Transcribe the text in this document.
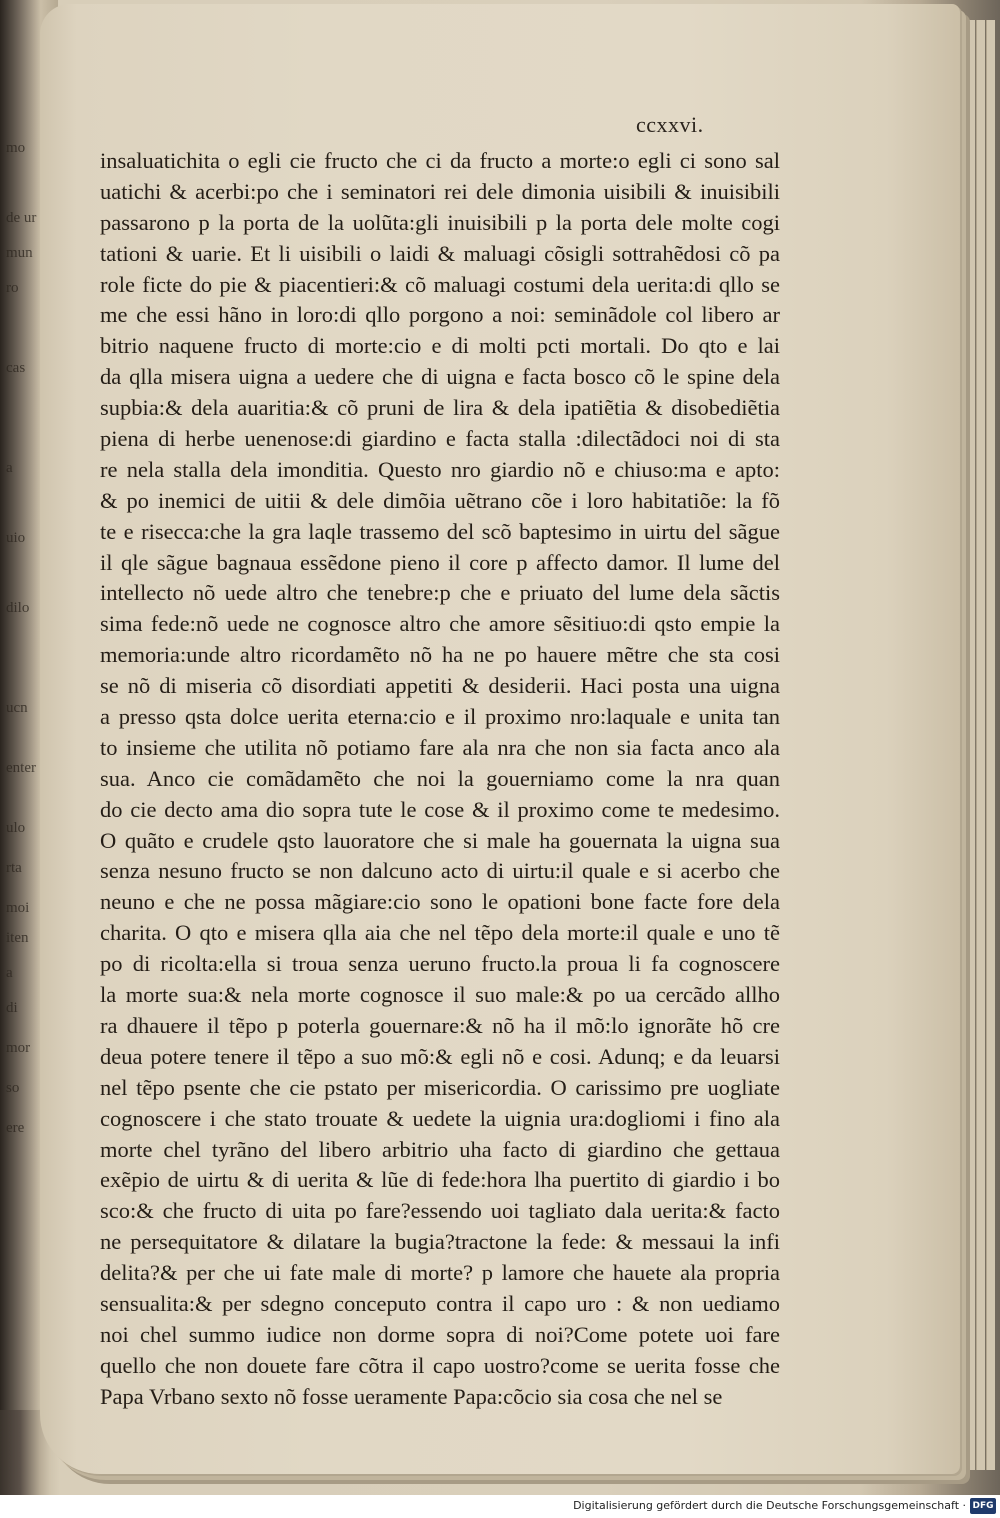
mo
de ur
mun
ro
cas
a
uio
dilo
ucn
enter
ulo
rta
moi
iten
a
di
mor
so
ere
ccxxvi.
insaluatichita o egli cie fructo che ci da fructo a morte:o egli ci sono sal
uatichi & acerbi:po che i seminatori rei dele dimonia uisibili & inuisibili
passarono p la porta de la uolũta:gli inuisibili p la porta dele molte cogi
tationi & uarie. Et li uisibili o laidi & maluagi cõsigli sottrahẽdosi cõ pa
role ficte do pie & piacentieri:& cõ maluagi costumi dela uerita:di qllo se
me che essi hãno in loro:di qllo porgono a noi: seminãdole col libero ar
bitrio naquene fructo di morte:cio e di molti pcti mortali. Do qto e lai
da qlla misera uigna a uedere che di uigna e facta bosco cõ le spine dela
supbia:& dela auaritia:& cõ pruni de lira & dela ipatiẽtia & disobediẽtia
piena di herbe uenenose:di giardino e facta stalla :dilectãdoci noi di sta
re nela stalla dela imonditia. Questo nro giardio nõ e chiuso:ma e apto:
& po inemici de uitii & dele dimõia uẽtrano cõe i loro habitatiõe: la fõ
te e risecca:che la gra laqle trassemo del scõ baptesimo in uirtu del sãgue
il qle sãgue bagnaua essẽdone pieno il core p affecto damor. Il lume del
intellecto nõ uede altro che tenebre:p che e priuato del lume dela sãctis
sima fede:nõ uede ne cognosce altro che amore sẽsitiuo:di qsto empie la
memoria:unde altro ricordamẽto nõ ha ne po hauere mẽtre che sta cosi
se nõ di miseria cõ disordiati appetiti & desiderii. Haci posta una uigna
a presso qsta dolce uerita eterna:cio e il proximo nro:laquale e unita tan
to insieme che utilita nõ potiamo fare ala nra che non sia facta anco ala
sua. Anco cie comãdamẽto che noi la gouerniamo come la nra quan
do cie decto ama dio sopra tute le cose & il proximo come te medesimo.
O quãto e crudele qsto lauoratore che si male ha gouernata la uigna sua
senza nesuno fructo se non dalcuno acto di uirtu:il quale e si acerbo che
neuno e che ne possa mãgiare:cio sono le opationi bone facte fore dela
charita. O qto e misera qlla aia che nel tẽpo dela morte:il quale e uno tẽ
po di ricolta:ella si troua senza ueruno fructo.la proua li fa cognoscere
la morte sua:& nela morte cognosce il suo male:& po ua cercãdo allho
ra dhauere il tẽpo p poterla gouernare:& nõ ha il mõ:lo ignorãte hõ cre
deua potere tenere il tẽpo a suo mõ:& egli nõ e cosi. Adunq; e da leuarsi
nel tẽpo psente che cie pstato per misericordia. O carissimo pre uogliate
cognoscere i che stato trouate & uedete la uignia ura:dogliomi i fino ala
morte chel tyrãno del libero arbitrio uha facto di giardino che gettaua
exẽpio de uirtu & di uerita & lũe di fede:hora lha puertito di giardio i bo
sco:& che fructo di uita po fare?essendo uoi tagliato dala uerita:& facto
ne persequitatore & dilatare la bugia?tractone la fede: & messaui la infi
delita?& per che ui fate male di morte? p lamore che hauete ala propria
sensualita:& per sdegno conceputo contra il capo uro : & non uediamo
noi chel summo iudice non dorme sopra di noi?Come potete uoi fare
quello che non douete fare cõtra il capo uostro?come se uerita fosse che
Papa Vrbano sexto nõ fosse ueramente Papa:cõcio sia cosa che nel se
Digitalisierung gefördert durch die Deutsche Forschungsgemeinschaft · DFG
